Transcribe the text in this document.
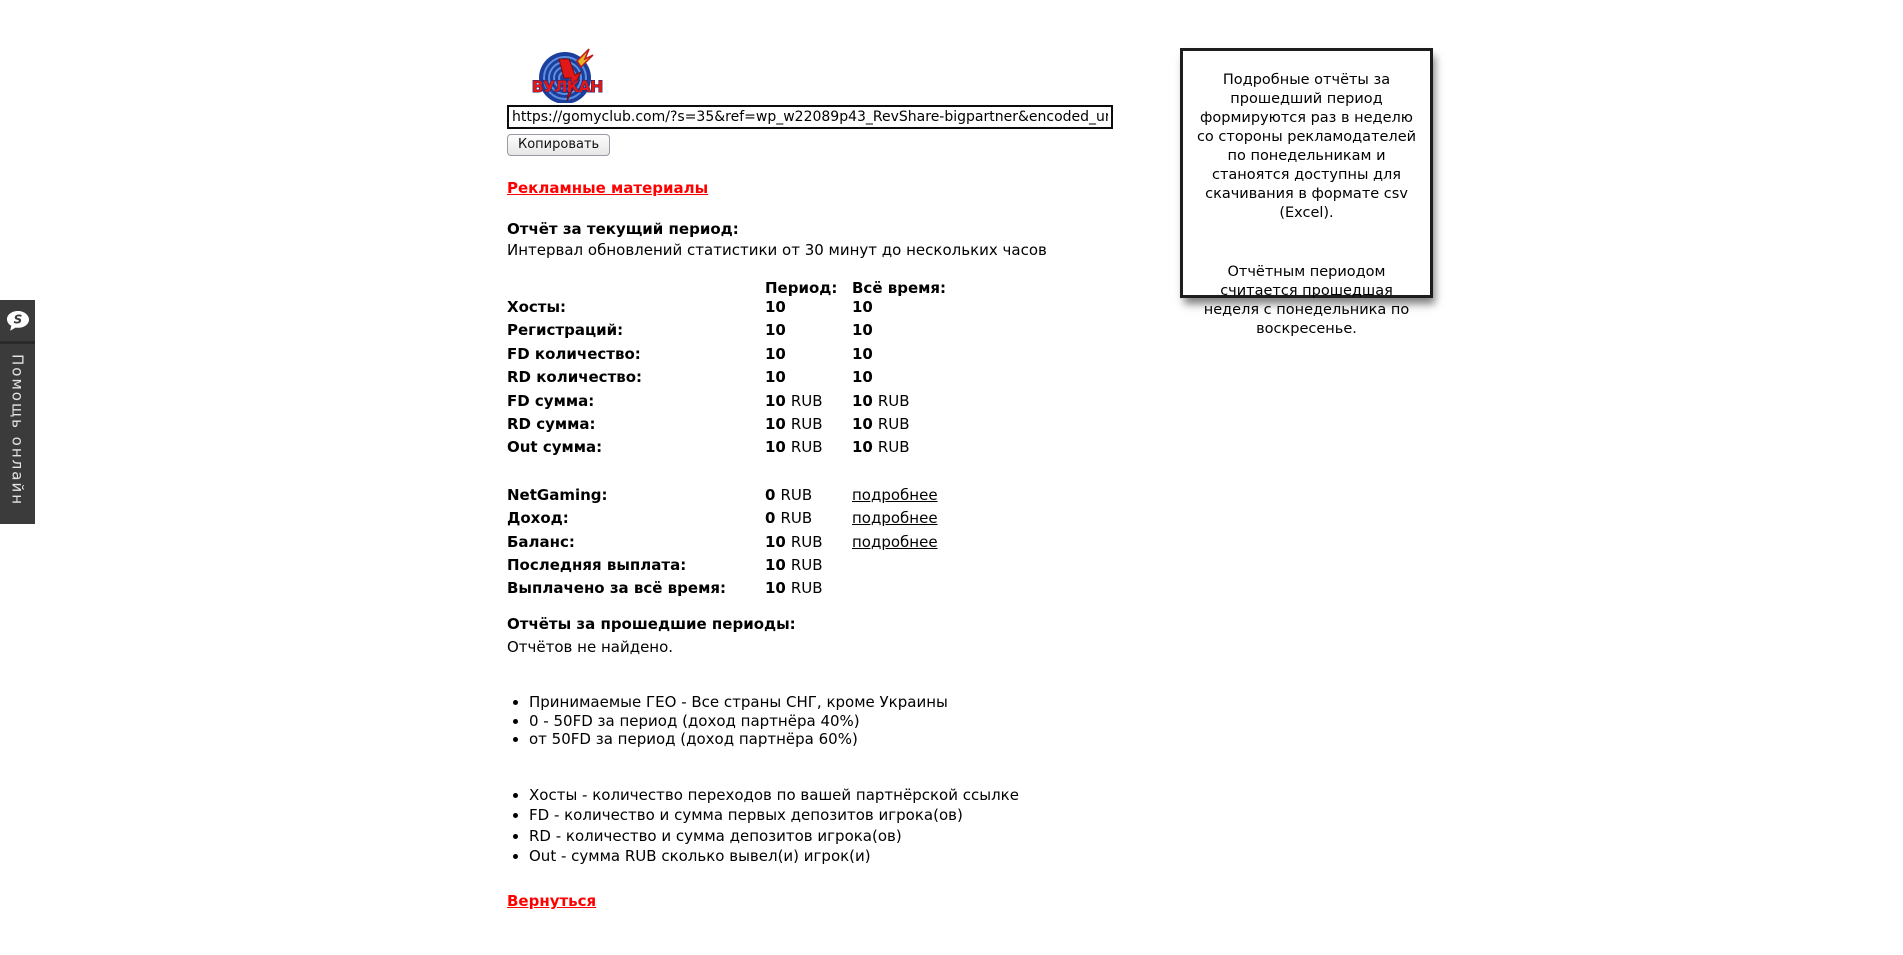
S
Помощь онлайн
ВУЛКАН
https://gomyclub.com/?s=35&ref=wp_w22089p43_RevShare-bigpartner&encoded_url=cmVnaXN0 Копировать
Рекламные материалы
Отчёт за текущий период:
Интервал обновлений статистики от 30 минут до нескольких часов
Период: Всё время:
Хосты:	10	10
Регистраций:	10	10
FD количество:	10	10
RD количество:	10	10
FD сумма:	10 RUB	10 RUB
RD сумма:	10 RUB	10 RUB
Out сумма:	10 RUB	10 RUB
NetGaming:	0 RUB	подробнее
Доход:	0 RUB	подробнее
Баланс:	10 RUB	подробнее
Последняя выплата:	10 RUB
Выплачено за всё время:	10 RUB
Отчёты за прошедшие периоды:
Отчётов не найдено.
• Принимаемые ГЕО - Все страны СНГ, кроме Украины
• 0 - 50FD за период (доход партнёра 40%)
• от 50FD за период (доход партнёра 60%)
• Хосты - количество переходов по вашей партнёрской ссылке
• FD - количество и сумма первых депозитов игрока(ов)
• RD - количество и сумма депозитов игрока(ов)
• Out - сумма RUB сколько вывел(и) игрок(и)
Вернуться

Подробные отчёты за прошедший период формируются раз в неделю со стороны рекламодателей по понедельникам и станоятся доступны для скачивания в формате csv (Excel).

Отчётным периодом считается прошедшая неделя с понедельника по воскресенье.
